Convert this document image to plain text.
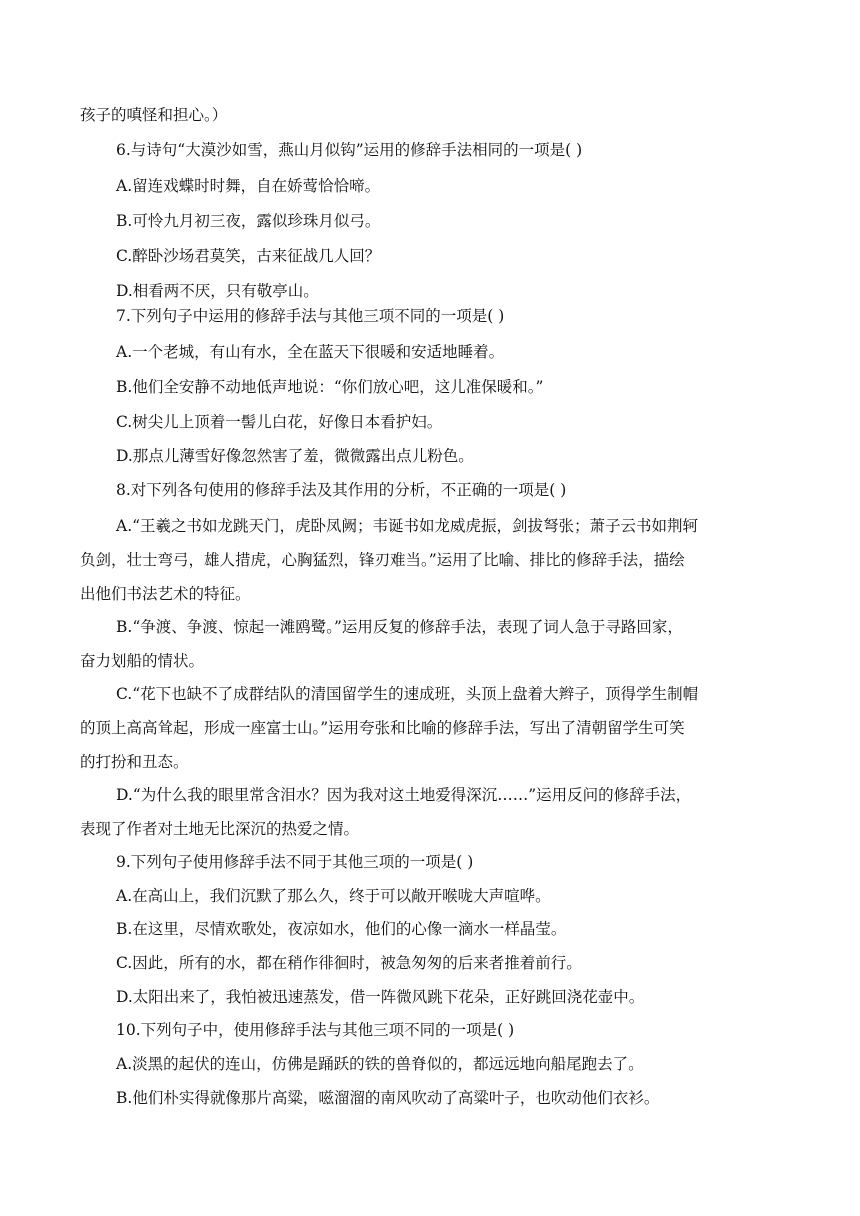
孩子的嗔怪和担心。）
6.与诗句“大漠沙如雪，燕山月似钩”运用的修辞手法相同的一项是( )
A.留连戏蝶时时舞，自在娇莺恰恰啼。
B.可怜九月初三夜，露似珍珠月似弓。
C.醉卧沙场君莫笑，古来征战几人回？
D.相看两不厌，只有敬亭山。
7.下列句子中运用的修辞手法与其他三项不同的一项是( )
A.一个老城，有山有水，全在蓝天下很暖和安适地睡着。
B.他们全安静不动地低声地说：“你们放心吧，这儿准保暖和。”
C.树尖儿上顶着一髻儿白花，好像日本看护妇。
D.那点儿薄雪好像忽然害了羞，微微露出点儿粉色。
8.对下列各句使用的修辞手法及其作用的分析，不正确的一项是( )
A.“王羲之书如龙跳天门，虎卧凤阙；韦诞书如龙威虎振，剑拔弩张；萧子云书如荆轲
负剑，壮士弯弓，雄人措虎，心胸猛烈，锋刃难当。”运用了比喻、排比的修辞手法，描绘
出他们书法艺术的特征。
B.“争渡、争渡、惊起一滩鸥鹭。”运用反复的修辞手法，表现了词人急于寻路回家，
奋力划船的情状。
C.“花下也缺不了成群结队的清国留学生的速成班，头顶上盘着大辫子，顶得学生制帽
的顶上高高耸起，形成一座富士山。”运用夸张和比喻的修辞手法，写出了清朝留学生可笑
的打扮和丑态。
D.“为什么我的眼里常含泪水？因为我对这土地爱得深沉……”运用反问的修辞手法，
表现了作者对土地无比深沉的热爱之情。
9.下列句子使用修辞手法不同于其他三项的一项是( )
A.在高山上，我们沉默了那么久，终于可以敞开喉咙大声喧哗。
B.在这里，尽情欢歌处，夜凉如水，他们的心像一滴水一样晶莹。
C.因此，所有的水，都在稍作徘徊时，被急匆匆的后来者推着前行。
D.太阳出来了，我怕被迅速蒸发，借一阵微风跳下花朵，正好跳回浇花壶中。
10.下列句子中，使用修辞手法与其他三项不同的一项是( )
A.淡黑的起伏的连山，仿佛是踊跃的铁的兽脊似的，都远远地向船尾跑去了。
B.他们朴实得就像那片高粱，嗞溜溜的南风吹动了高粱叶子，也吹动他们衣衫。
